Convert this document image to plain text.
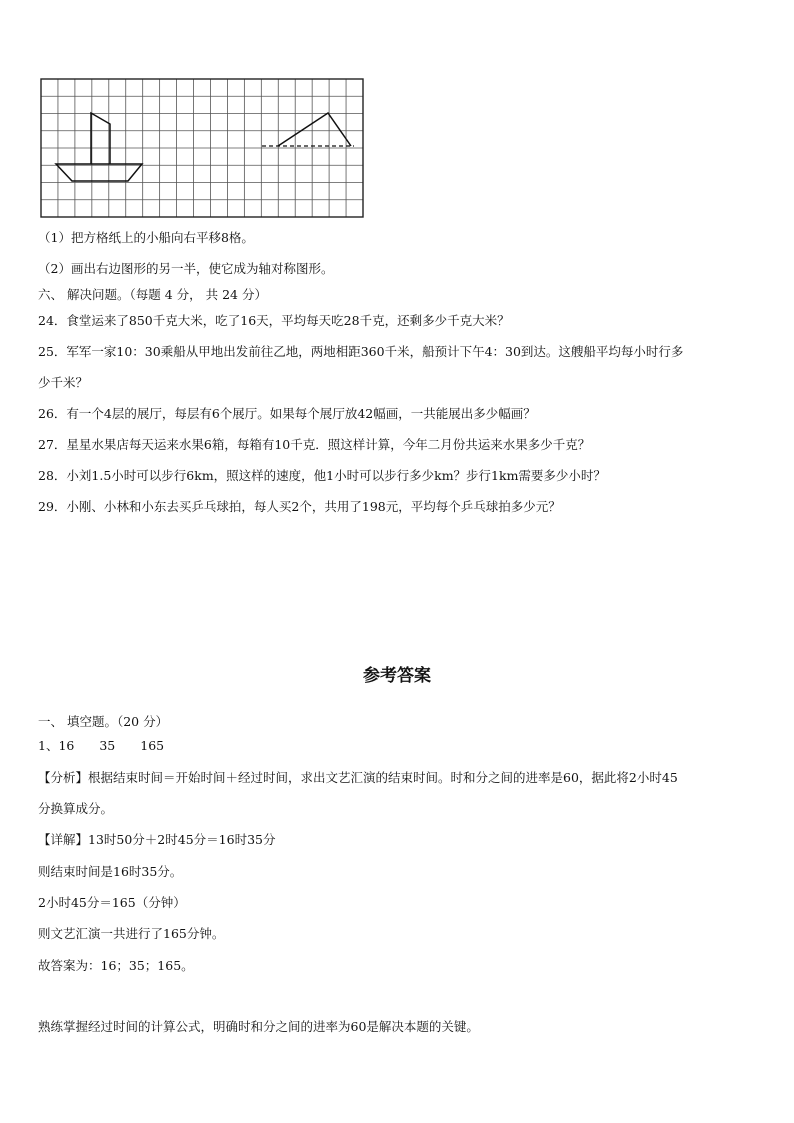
（1）把方格纸上的小船向右平移8格。

（2）画出右边图形的另一半，使它成为轴对称图形。

六、 解决问题。（每题 4 分， 共 24 分）

24．食堂运来了850千克大米，吃了16天，平均每天吃28千克，还剩多少千克大米？

25．军军一家10：30乘船从甲地出发前往乙地，两地相距360千米，船预计下午4：30到达。这艘船平均每小时行多

少千米？

26．有一个4层的展厅，每层有6个展厅。如果每个展厅放42幅画，一共能展出多少幅画？

27．星星水果店每天运来水果6箱，每箱有10千克．照这样计算，今年二月份共运来水果多少千克？

28．小刘1.5小时可以步行6km，照这样的速度，他1小时可以步行多少km？步行1km需要多少小时？

29．小刚、小林和小东去买乒乓球拍，每人买2个，共用了198元，平均每个乒乓球拍多少元？

参考答案

一、 填空题。（20 分）

1、16　　35　　165

【分析】根据结束时间＝开始时间＋经过时间，求出文艺汇演的结束时间。时和分之间的进率是60，据此将2小时45

分换算成分。

【详解】13时50分＋2时45分＝16时35分

则结束时间是16时35分。

2小时45分＝165（分钟）

则文艺汇演一共进行了165分钟。

故答案为：16；35；165。

熟练掌握经过时间的计算公式，明确时和分之间的进率为60是解决本题的关键。
